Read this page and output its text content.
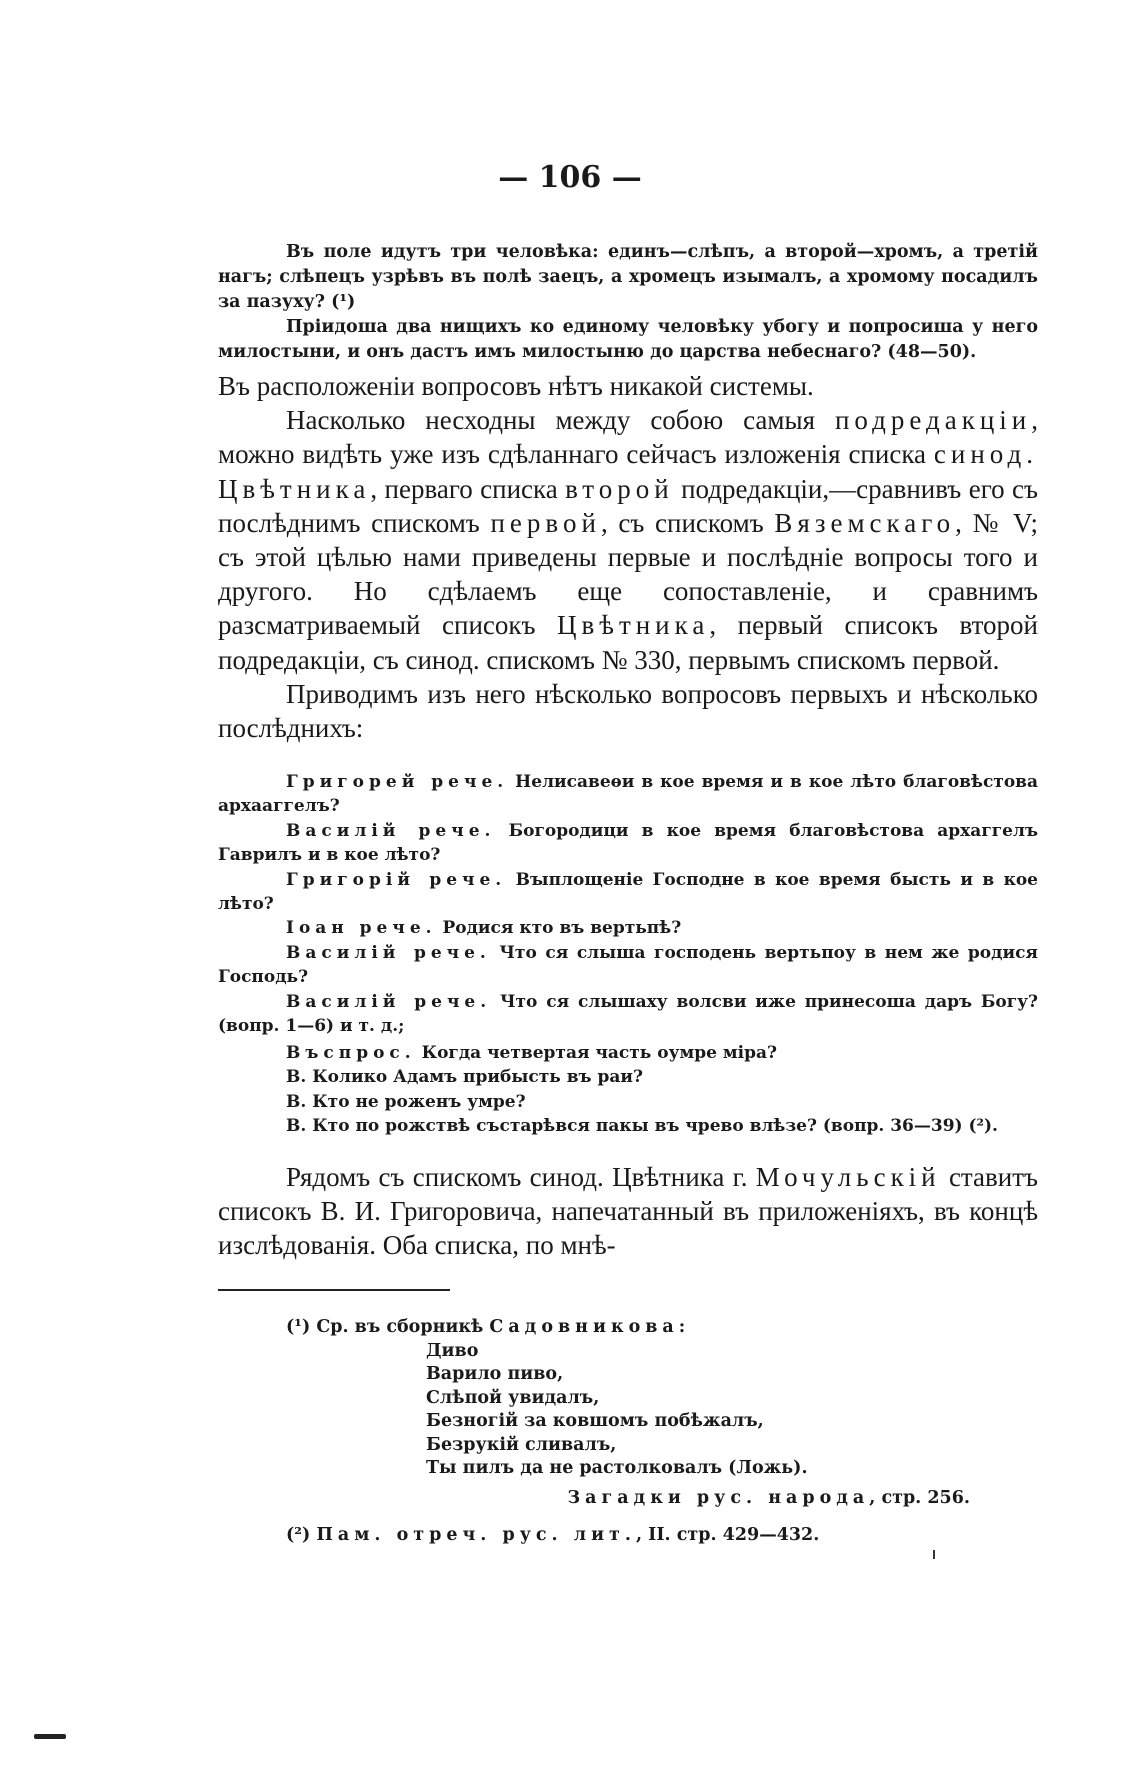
— 106 —

Въ поле идутъ три человѣка: единъ—слѣпъ, а второй—хромъ, а третій нагъ; слѣпецъ узрѣвъ въ полѣ заецъ, а хромецъ изымалъ, а хромому посадилъ за пазуху? (¹)

Пріидоша два нищихъ ко единому человѣку убогу и попросиша у него милостыни, и онъ дастъ имъ милостыню до царства небеснаго? (48—50).

Въ расположеніи вопросовъ нѣтъ никакой системы.

Насколько несходны между собою самыя подредакціи, можно видѣть уже изъ сдѣланнаго сейчасъ изложенія списка синод. Цвѣтника, перваго списка второй подредакціи,—сравнивъ его съ послѣднимъ спискомъ первой, съ спискомъ Вяземскаго, № V; съ этой цѣлью нами приведены первые и послѣдніе вопросы того и другого. Но сдѣлаемъ еще сопоставленіе, и сравнимъ разсматриваемый списокъ Цвѣтника, первый списокъ второй подредакціи, съ синод. спискомъ № 330, первымъ спискомъ первой.

Приводимъ изъ него нѣсколько вопросовъ первыхъ и нѣсколько послѣднихъ:

Григорей рече. Нелисавеѳи в кое время и в кое лѣто благовѣстова архааггелъ?

Василій рече. Богородици в кое время благовѣстова архаггелъ Гаврилъ и в кое лѣто?

Григорій рече. Вꙑплощеніе Господне в кое время бысть и в кое лѣто?

Іоан рече. Родися кто въ вертьпѣ?

Василій рече. Что ся слыша господень вертьпоу в нем же родися Господь?

Василій рече. Что ся слышаху волсви иже принесоша даръ Богу? (вопр. 1—6) и т. д.;

Въспрос. Когда четвертая часть оумре міра?

В. Колико Адамъ прибысть въ раи?

В. Кто не роженъ умре?

В. Кто по рожствѣ състарѣвся пакы въ чрево влѣзе? (вопр. 36—39) (²).

Рядомъ съ спискомъ синод. Цвѣтника г. Мочульскій ставитъ списокъ В. И. Григоровича, напечатанный въ приложеніяхъ, въ концѣ изслѣдованія. Оба списка, по мнѣ-

(¹) Ср. въ сборникѣ Садовникова:

Диво

Варило пиво,

Слѣпой увидалъ,

Безногій за ковшомъ побѣжалъ,

Безрукій сливалъ,

Ты пилъ да не растолковалъ (Ложь).

Загадки рус. народа, стр. 256.

(²) Пам. отреч. рус. лит., II. стр. 429—432.
